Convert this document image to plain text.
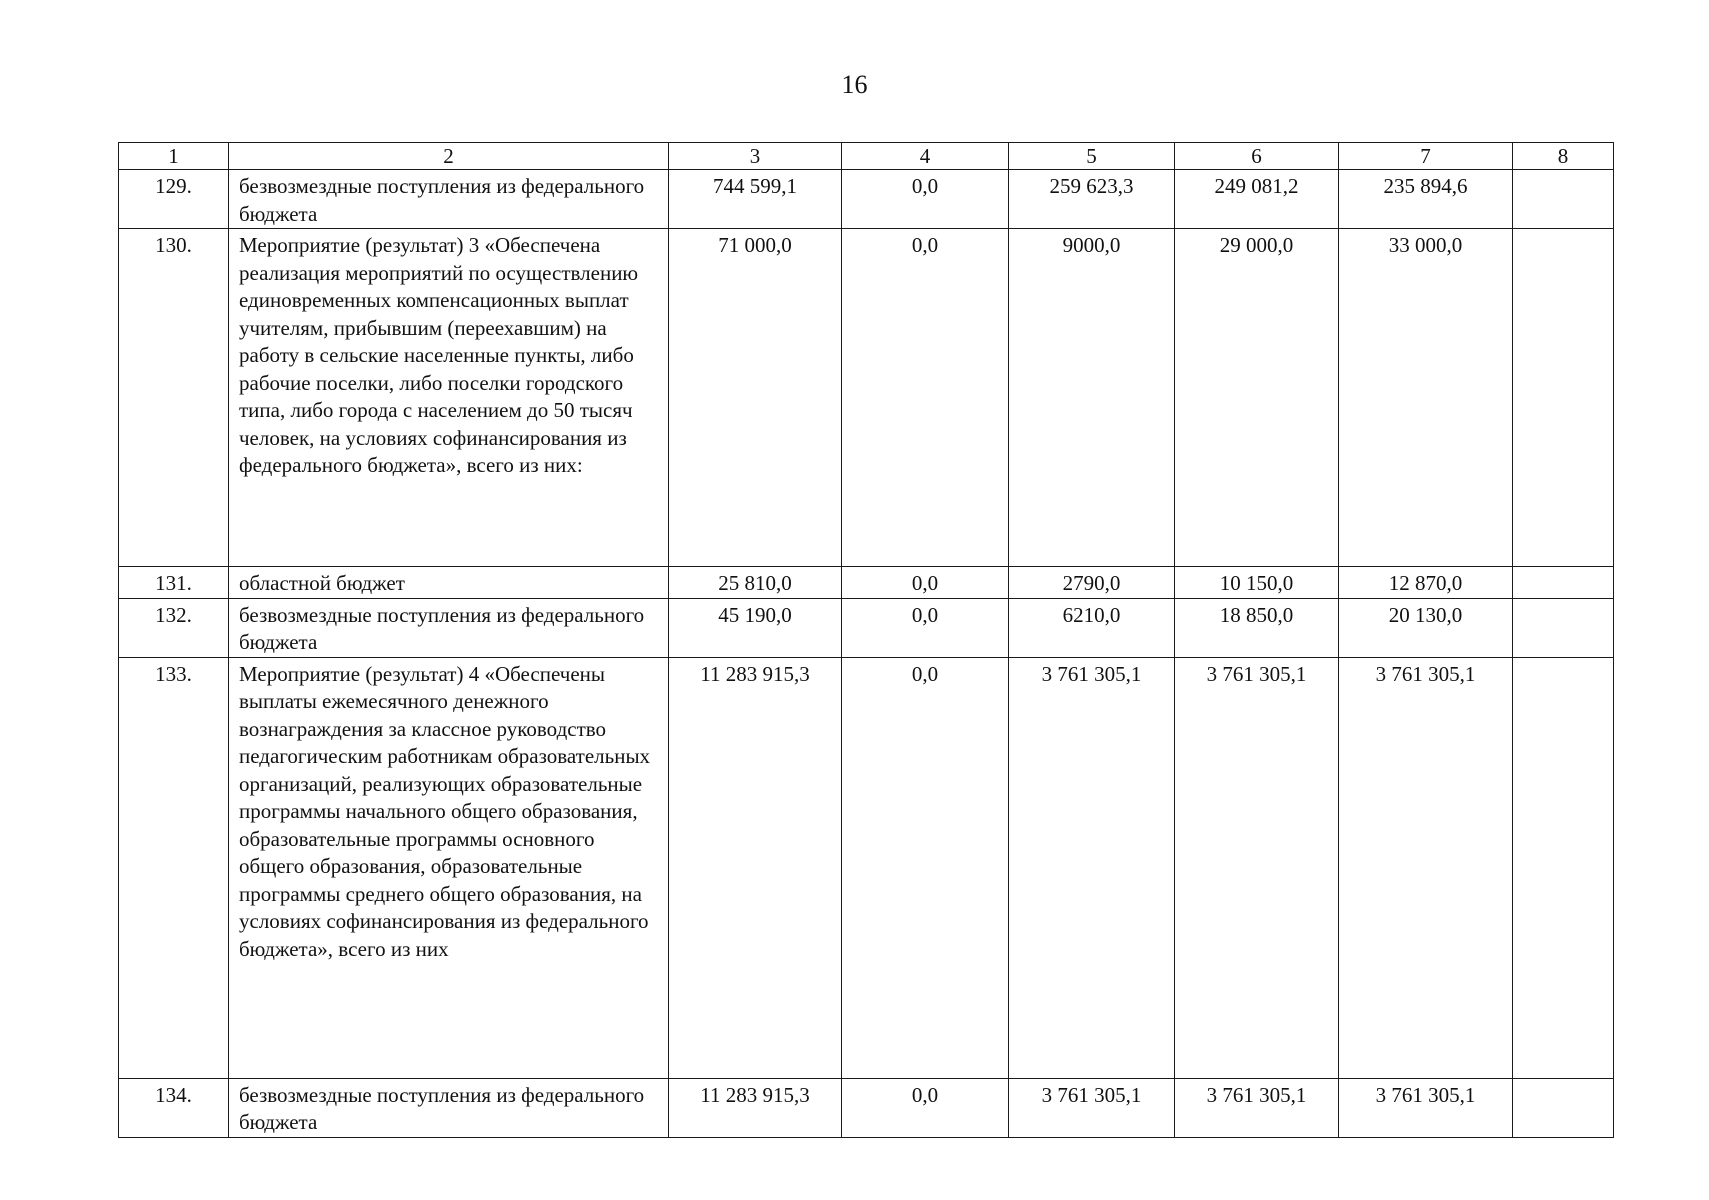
16
1	2	3	4	5	6	7	8
129.	безвозмездные поступления из федерального бюджета	744 599,1	0,0	259 623,3	249 081,2	235 894,6	
130.	Мероприятие (результат) 3 «Обеспечена реализация мероприятий по осуществлению единовременных компенсационных выплат учителям, прибывшим (переехавшим) на работу в сельские населенные пункты, либо рабочие поселки, либо поселки городского типа, либо города с населением до 50 тысяч человек, на условиях софинансирования из федерального бюджета», всего из них:	71 000,0	0,0	9000,0	29 000,0	33 000,0	
131.	областной бюджет	25 810,0	0,0	2790,0	10 150,0	12 870,0	
132.	безвозмездные поступления из федерального бюджета	45 190,0	0,0	6210,0	18 850,0	20 130,0	
133.	Мероприятие (результат) 4 «Обеспечены выплаты ежемесячного денежного вознаграждения за классное руководство педагогическим работникам образовательных организаций, реализующих образовательные программы начального общего образования, образовательные программы основного общего образования, образовательные программы среднего общего образования, на условиях софинансирования из федерального бюджета», всего из них	11 283 915,3	0,0	3 761 305,1	3 761 305,1	3 761 305,1	
134.	безвозмездные поступления из федерального бюджета	11 283 915,3	0,0	3 761 305,1	3 761 305,1	3 761 305,1	
